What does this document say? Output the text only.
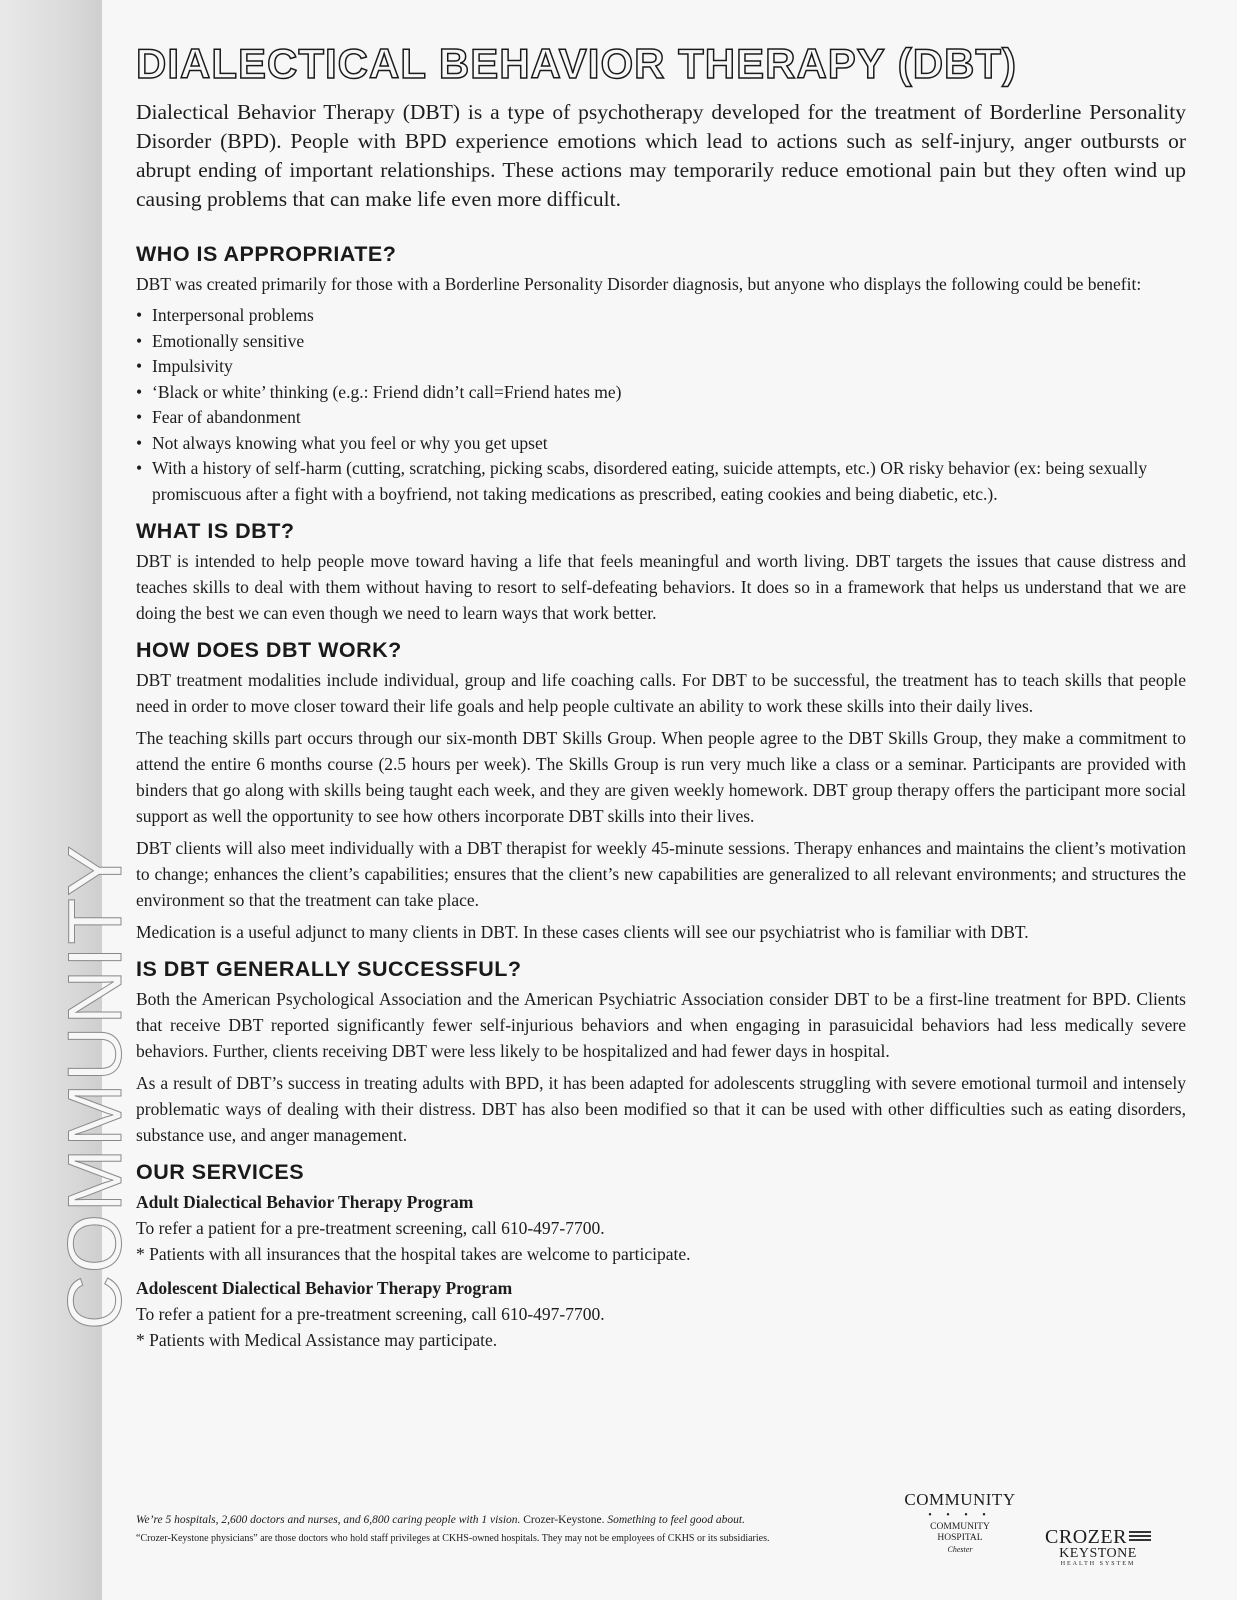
COMMUNITY
DIALECTICAL BEHAVIOR THERAPY (DBT)
Dialectical Behavior Therapy (DBT) is a type of psychotherapy developed for the treatment of Borderline Personality Disorder (BPD). People with BPD experience emotions which lead to actions such as self-injury, anger outbursts or abrupt ending of important relationships. These actions may temporarily reduce emotional pain but they often wind up causing problems that can make life even more difficult.
WHO IS APPROPRIATE?

DBT was created primarily for those with a Borderline Personality Disorder diagnosis, but anyone who displays the following could be benefit:

• Interpersonal problems
• Emotionally sensitive
• Impulsivity
• ‘Black or white’ thinking (e.g.: Friend didn’t call=Friend hates me)
• Fear of abandonment
• Not always knowing what you feel or why you get upset
• With a history of self-harm (cutting, scratching, picking scabs, disordered eating, suicide attempts, etc.) OR risky behavior (ex: being sexually promiscuous after a fight with a boyfriend, not taking medications as prescribed, eating cookies and being diabetic, etc.).
WHAT IS DBT?

DBT is intended to help people move toward having a life that feels meaningful and worth living. DBT targets the issues that cause distress and teaches skills to deal with them without having to resort to self-defeating behaviors. It does so in a framework that helps us understand that we are doing the best we can even though we need to learn ways that work better.

HOW DOES DBT WORK?

DBT treatment modalities include individual, group and life coaching calls. For DBT to be successful, the treatment has to teach skills that people need in order to move closer toward their life goals and help people cultivate an ability to work these skills into their daily lives.

The teaching skills part occurs through our six-month DBT Skills Group. When people agree to the DBT Skills Group, they make a commitment to attend the entire 6 months course (2.5 hours per week). The Skills Group is run very much like a class or a seminar. Participants are provided with binders that go along with skills being taught each week, and they are given weekly homework. DBT group therapy offers the participant more social support as well the opportunity to see how others incorporate DBT skills into their lives.

DBT clients will also meet individually with a DBT therapist for weekly 45-minute sessions. Therapy enhances and maintains the client’s motivation to change; enhances the client’s capabilities; ensures that the client’s new capabilities are generalized to all relevant environments; and structures the environment so that the treatment can take place.

Medication is a useful adjunct to many clients in DBT. In these cases clients will see our psychiatrist who is familiar with DBT.

IS DBT GENERALLY SUCCESSFUL?

Both the American Psychological Association and the American Psychiatric Association consider DBT to be a first-line treatment for BPD. Clients that receive DBT reported significantly fewer self-injurious behaviors and when engaging in parasuicidal behaviors had less medically severe behaviors. Further, clients receiving DBT were less likely to be hospitalized and had fewer days in hospital.

As a result of DBT’s success in treating adults with BPD, it has been adapted for adolescents struggling with severe emotional turmoil and intensely problematic ways of dealing with their distress. DBT has also been modified so that it can be used with other difficulties such as eating disorders, substance use, and anger management.

OUR SERVICES
Adult Dialectical Behavior Therapy Program
To refer a patient for a pre-treatment screening, call 610-497-7700.
* Patients with all insurances that the hospital takes are welcome to participate.
Adolescent Dialectical Behavior Therapy Program
To refer a patient for a pre-treatment screening, call 610-497-7700.
* Patients with Medical Assistance may participate.
We’re 5 hospitals, 2,600 doctors and nurses, and 6,800 caring people with 1 vision. Crozer-Keystone. Something to feel good about.
“Crozer-Keystone physicians” are those doctors who hold staff privileges at CKHS-owned hospitals. They may not be employees of CKHS or its subsidiaries.
COMMUNITY
• • • •
COMMUNITY
HOSPITAL
Chester
CROZER
KEYSTONE
HEALTH SYSTEM
